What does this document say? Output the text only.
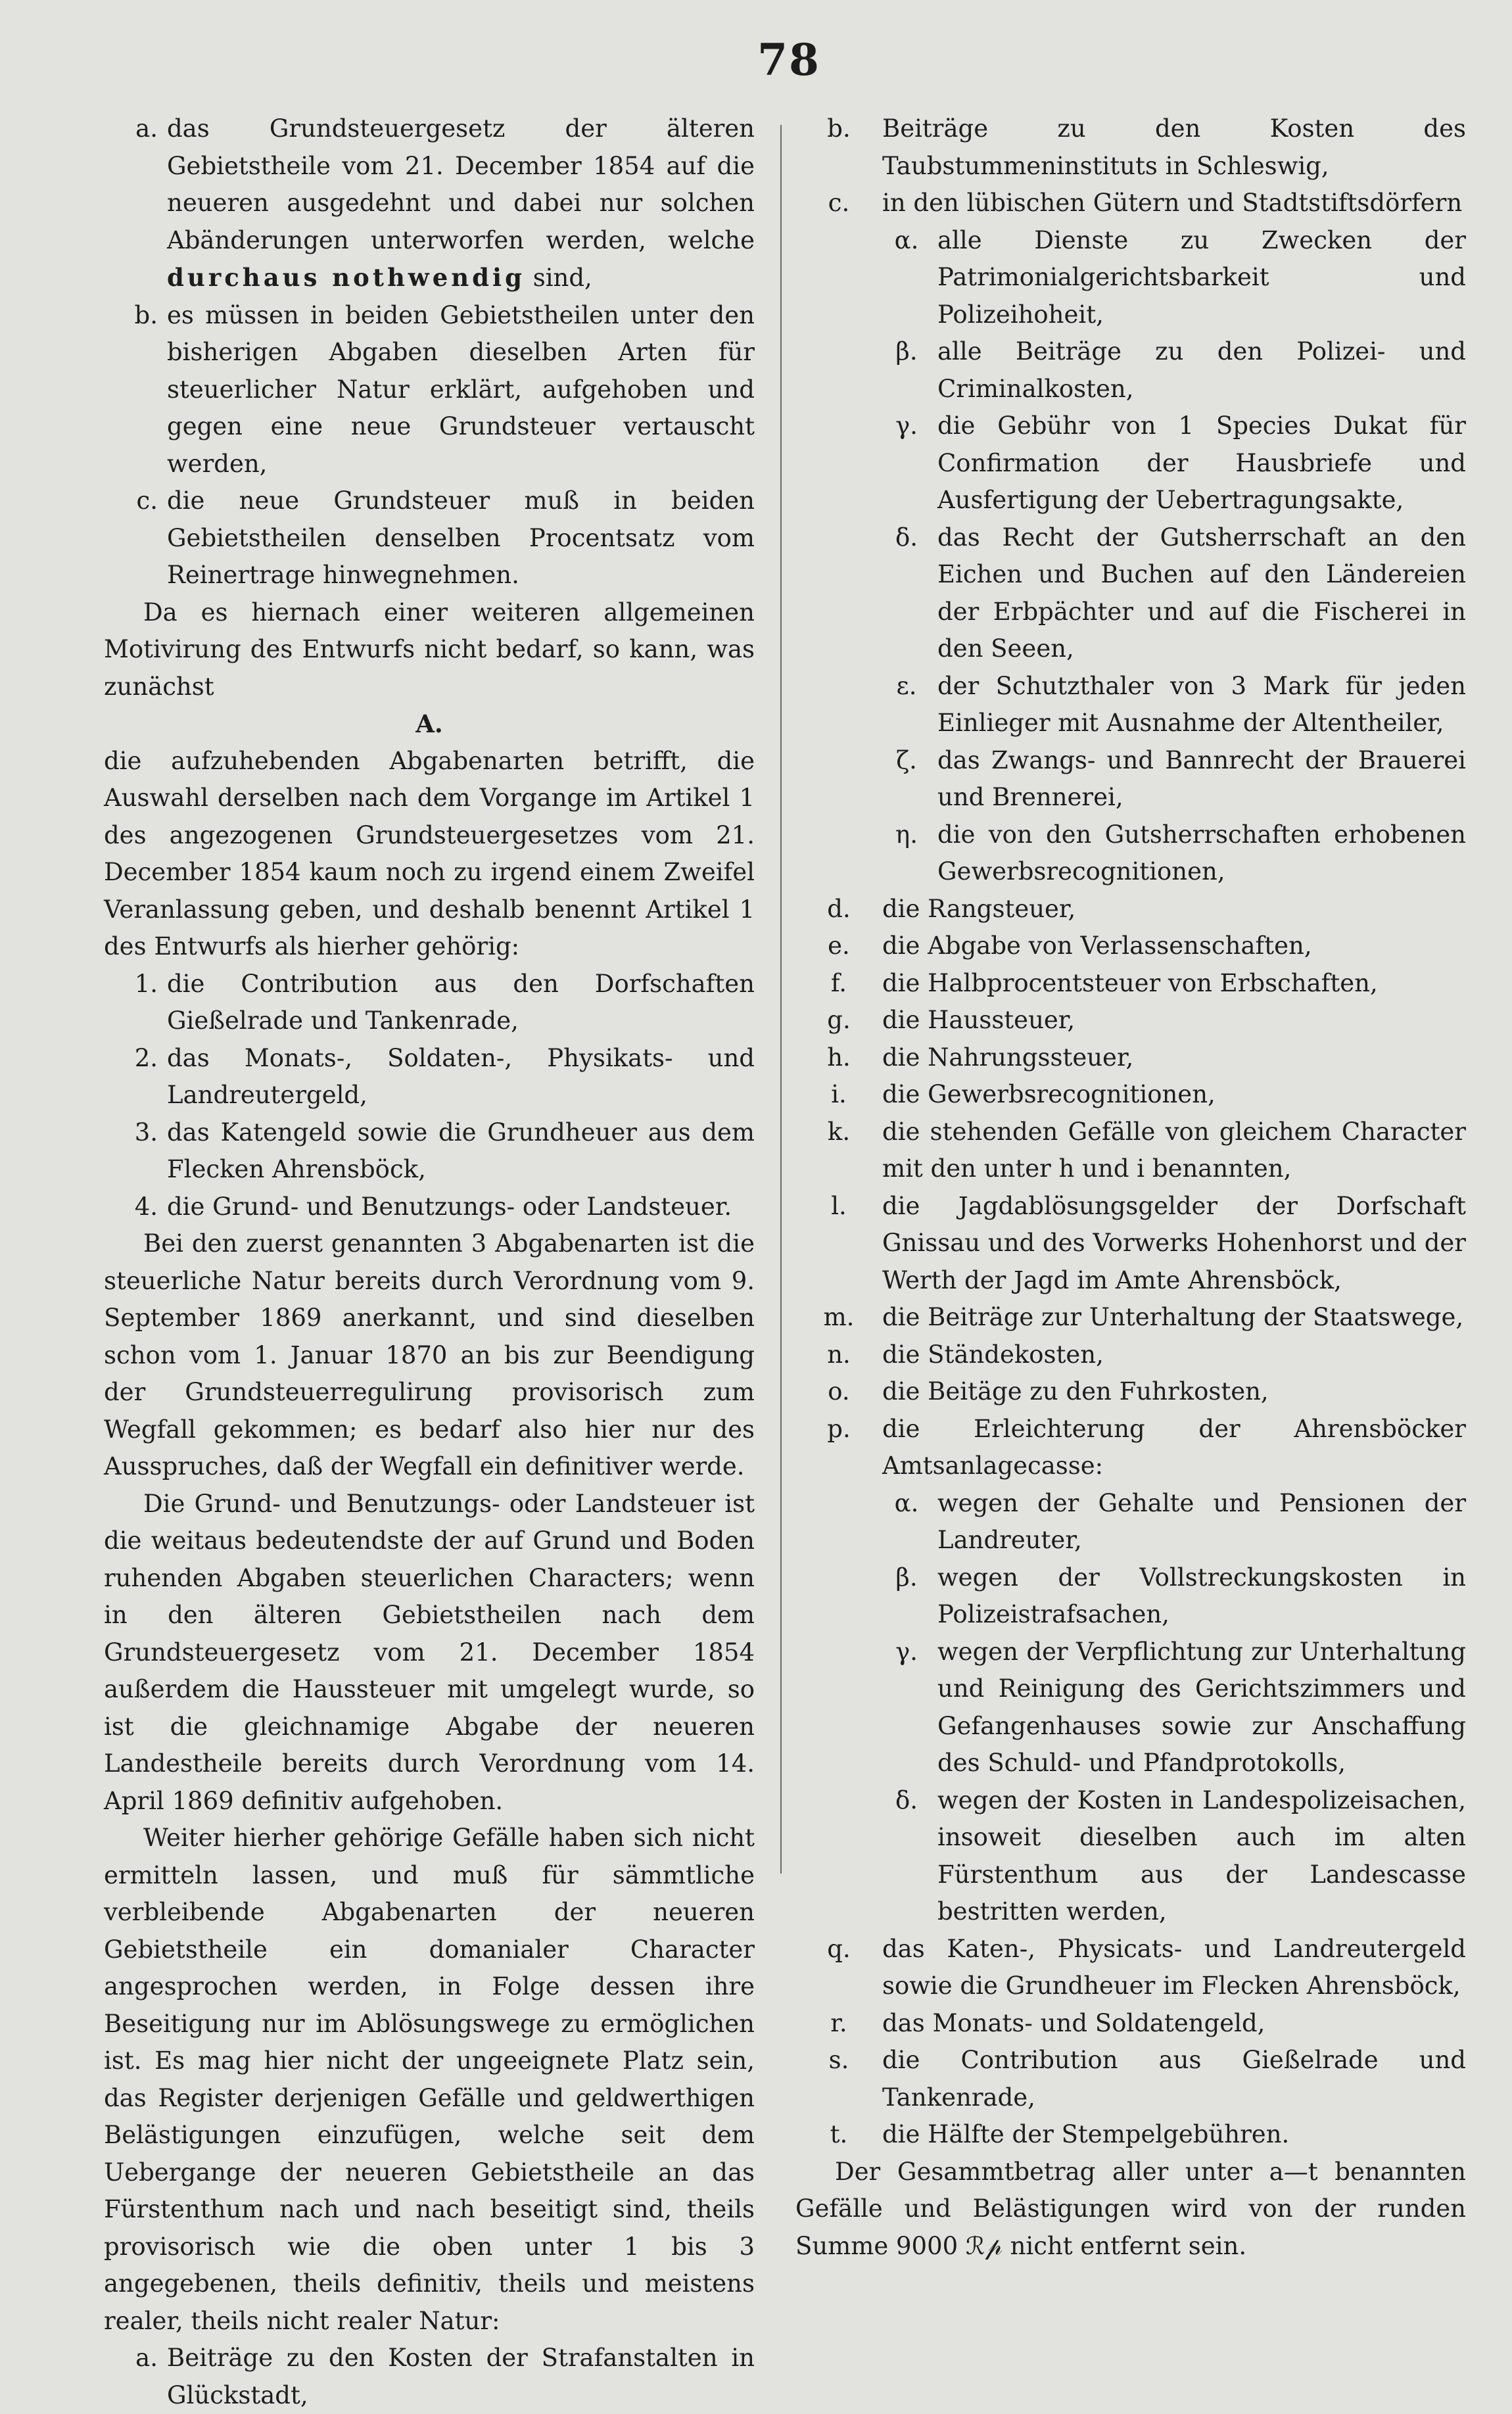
78
a. das Grundsteuergesetz der älteren Gebietstheile vom 21. December 1854 auf die neueren ausgedehnt und dabei nur solchen Abänderungen unterworfen werden, welche durchaus nothwendig sind,
b. es müssen in beiden Gebietstheilen unter den bisherigen Abgaben dieselben Arten für steuerlicher Natur erklärt, aufgehoben und gegen eine neue Grundsteuer vertauscht werden,
c. die neue Grundsteuer muß in beiden Gebietstheilen denselben Procentsatz vom Reinertrage hinwegnehmen.

Da es hiernach einer weiteren allgemeinen Motivirung des Entwurfs nicht bedarf, so kann, was zunächst

A.

die aufzuhebenden Abgabenarten betrifft, die Auswahl derselben nach dem Vorgange im Artikel 1 des angezogenen Grundsteuergesetzes vom 21. December 1854 kaum noch zu irgend einem Zweifel Veranlassung geben, und deshalb benennt Artikel 1 des Entwurfs als hierher gehörig:

1. die Contribution aus den Dorfschaften Gießelrade und Tankenrade,
2. das Monats-, Soldaten-, Physikats- und Landreutergeld,
3. das Katengeld sowie die Grundheuer aus dem Flecken Ahrensböck,
4. die Grund- und Benutzungs- oder Landsteuer.

Bei den zuerst genannten 3 Abgabenarten ist die steuerliche Natur bereits durch Verordnung vom 9. September 1869 anerkannt, und sind dieselben schon vom 1. Januar 1870 an bis zur Beendigung der Grundsteuerregulirung provisorisch zum Wegfall gekommen; es bedarf also hier nur des Ausspruches, daß der Wegfall ein definitiver werde.

Die Grund- und Benutzungs- oder Landsteuer ist die weitaus bedeutendste der auf Grund und Boden ruhenden Abgaben steuerlichen Characters; wenn in den älteren Gebietstheilen nach dem Grundsteuergesetz vom 21. December 1854 außerdem die Haussteuer mit umgelegt wurde, so ist die gleichnamige Abgabe der neueren Landestheile bereits durch Verordnung vom 14. April 1869 definitiv aufgehoben.

Weiter hierher gehörige Gefälle haben sich nicht ermitteln lassen, und muß für sämmtliche verbleibende Abgabenarten der neueren Gebietstheile ein domanialer Character angesprochen werden, in Folge dessen ihre Beseitigung nur im Ablösungswege zu ermöglichen ist. Es mag hier nicht der ungeeignete Platz sein, das Register derjenigen Gefälle und geldwerthigen Belästigungen einzufügen, welche seit dem Uebergange der neueren Gebietstheile an das Fürstenthum nach und nach beseitigt sind, theils provisorisch wie die oben unter 1 bis 3 angegebenen, theils definitiv, theils und meistens realer, theils nicht realer Natur:

a. Beiträge zu den Kosten der Strafanstalten in Glückstadt,
b.	Beiträge zu den Kosten des Taubstummeninstituts in Schleswig,
c.	in den lübischen Gütern und Stadtstiftsdörfern
α. alle Dienste zu Zwecken der Patrimonialgerichtsbarkeit und Polizeihoheit,
β. alle Beiträge zu den Polizei- und Criminalkosten,
γ. die Gebühr von 1 Species Dukat für Confirmation der Hausbriefe und Ausfertigung der Uebertragungsakte,
δ. das Recht der Gutsherrschaft an den Eichen und Buchen auf den Ländereien der Erbpächter und auf die Fischerei in den Seeen,
ε. der Schutzthaler von 3 Mark für jeden Einlieger mit Ausnahme der Altentheiler,
ζ. das Zwangs- und Bannrecht der Brauerei und Brennerei,
η. die von den Gutsherrschaften erhobenen Gewerbsrecognitionen,
d.	die Rangsteuer,
e.	die Abgabe von Verlassenschaften,
f.	die Halbprocentsteuer von Erbschaften,
g.	die Haussteuer,
h.	die Nahrungssteuer,
i.	die Gewerbsrecognitionen,
k.	die stehenden Gefälle von gleichem Character mit den unter h und i benannten,
l.	die Jagdablösungsgelder der Dorfschaft Gnissau und des Vorwerks Hohenhorst und der Werth der Jagd im Amte Ahrensböck,
m.	die Beiträge zur Unterhaltung der Staatswege,
n.	die Ständekosten,
o.	die Beitäge zu den Fuhrkosten,
p.	die Erleichterung der Ahrensböcker Amtsanlagecasse:
α. wegen der Gehalte und Pensionen der Landreuter,
β. wegen der Vollstreckungskosten in Polizeistrafsachen,
γ. wegen der Verpflichtung zur Unterhaltung und Reinigung des Gerichtszimmers und Gefangenhauses sowie zur Anschaffung des Schuld- und Pfandprotokolls,
δ. wegen der Kosten in Landespolizeisachen, insoweit dieselben auch im alten Fürstenthum aus der Landescasse bestritten werden,
q.	das Katen-, Physicats- und Landreutergeld sowie die Grundheuer im Flecken Ahrensböck,
r.	das Monats- und Soldatengeld,
s.	die Contribution aus Gießelrade und Tankenrade,
t.	die Hälfte der Stempelgebühren.

Der Gesammtbetrag aller unter a—t benannten Gefälle und Belästigungen wird von der runden Summe 9000 ℛ𝓅 nicht entfernt sein.
